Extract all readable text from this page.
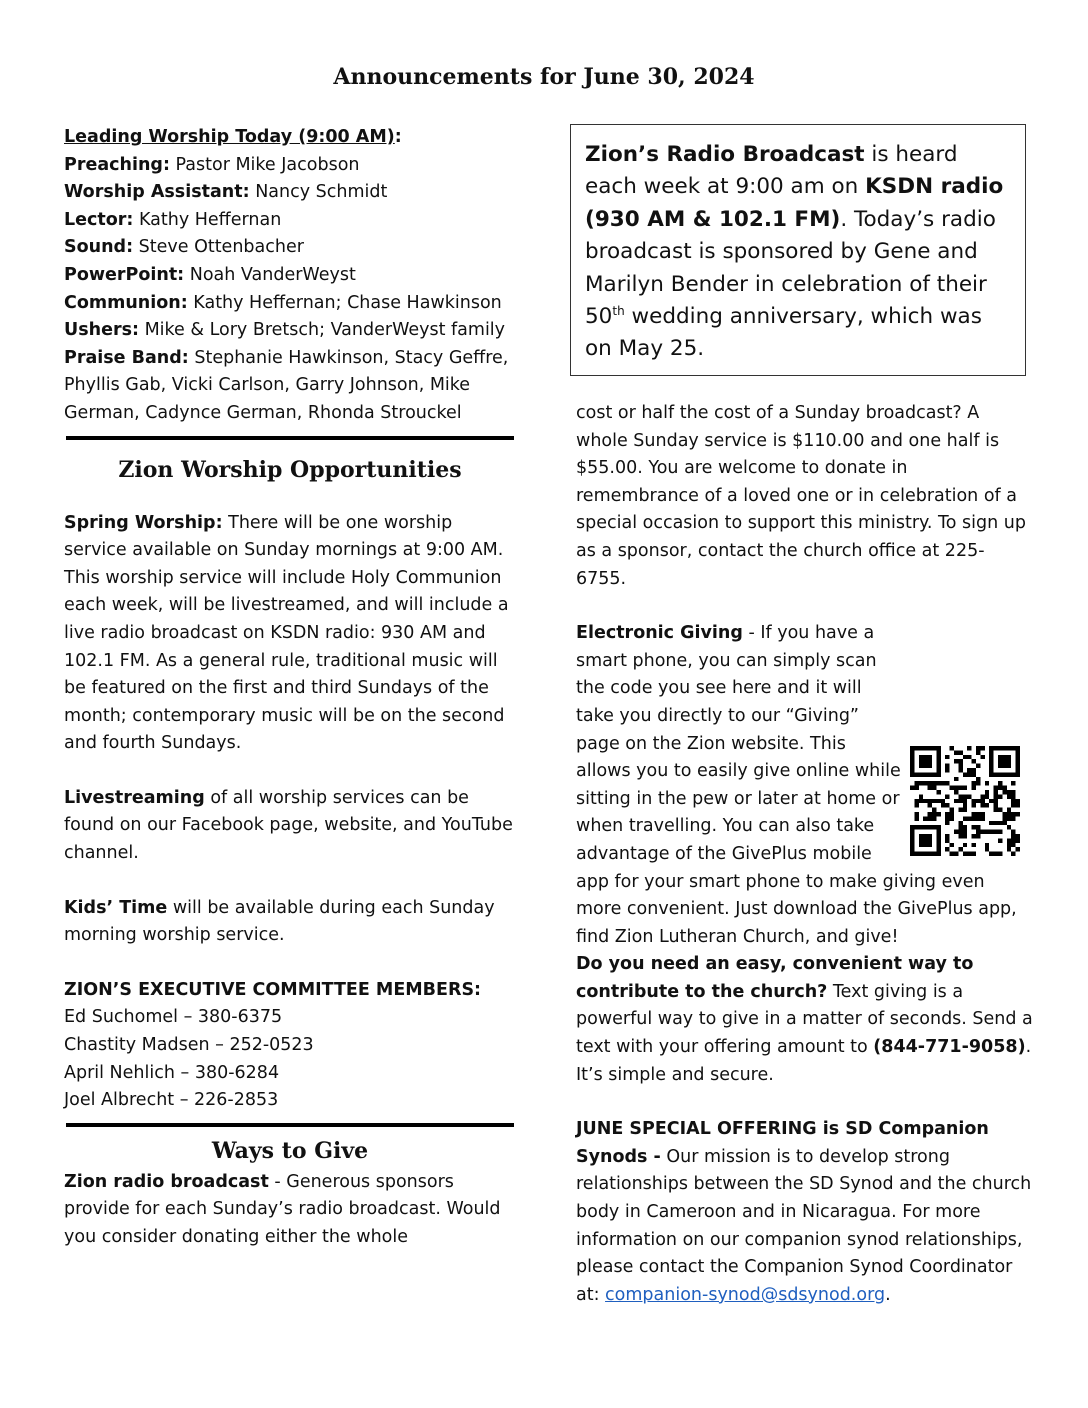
Announcements for June 30, 2024

Leading Worship Today (9:00 AM):

Preaching: Pastor Mike Jacobson

Worship Assistant: Nancy Schmidt

Lector: Kathy Heffernan

Sound: Steve Ottenbacher

PowerPoint: Noah VanderWeyst

Communion: Kathy Heffernan; Chase Hawkinson

Ushers: Mike & Lory Bretsch; VanderWeyst family

Praise Band: Stephanie Hawkinson, Stacy Geffre, Phyllis Gab, Vicki Carlson, Garry Johnson, Mike German, Cadynce German, Rhonda Strouckel

Zion Worship Opportunities

Spring Worship: There will be one worship service available on Sunday mornings at 9:00 AM. This worship service will include Holy Communion each week, will be livestreamed, and will include a live radio broadcast on KSDN radio: 930 AM and 102.1 FM. As a general rule, traditional music will be featured on the first and third Sundays of the month; contemporary music will be on the second and fourth Sundays.

Livestreaming of all worship services can be found on our Facebook page, website, and YouTube channel.

Kids’ Time will be available during each Sunday morning worship service.

ZION’S EXECUTIVE COMMITTEE MEMBERS:

Ed Suchomel – 380-6375

Chastity Madsen – 252-0523

April Nehlich – 380-6284

Joel Albrecht – 226-2853

Ways to Give

Zion radio broadcast - Generous sponsors provide for each Sunday’s radio broadcast. Would you consider donating either the whole

Zion’s Radio Broadcast is heard each week at 9:00 am on KSDN radio (930 AM & 102.1 FM). Today’s radio broadcast is sponsored by Gene and Marilyn Bender in celebration of their 50th wedding anniversary, which was on May 25.

cost or half the cost of a Sunday broadcast? A whole Sunday service is $110.00 and one half is $55.00. You are welcome to donate in remembrance of a loved one or in celebration of a special occasion to support this ministry. To sign up as a sponsor, contact the church office at 225-6755.

Electronic Giving - If you have a smart phone, you can simply scan the code you see here and it will take you directly to our “Giving” page on the Zion website. This allows you to easily give online while sitting in the pew or later at home or when travelling. You can also take advantage of the GivePlus mobile app for your smart phone to make giving even

more convenient. Just download the GivePlus app, find Zion Lutheran Church, and give!

Do you need an easy, convenient way to contribute to the church? Text giving is a powerful way to give in a matter of seconds. Send a text with your offering amount to (844-771-9058). It’s simple and secure.

JUNE SPECIAL OFFERING is SD Companion Synods - Our mission is to develop strong relationships between the SD Synod and the church body in Cameroon and in Nicaragua. For more information on our companion synod relationships, please contact the Companion Synod Coordinator at: companion-synod@sdsynod.org.
